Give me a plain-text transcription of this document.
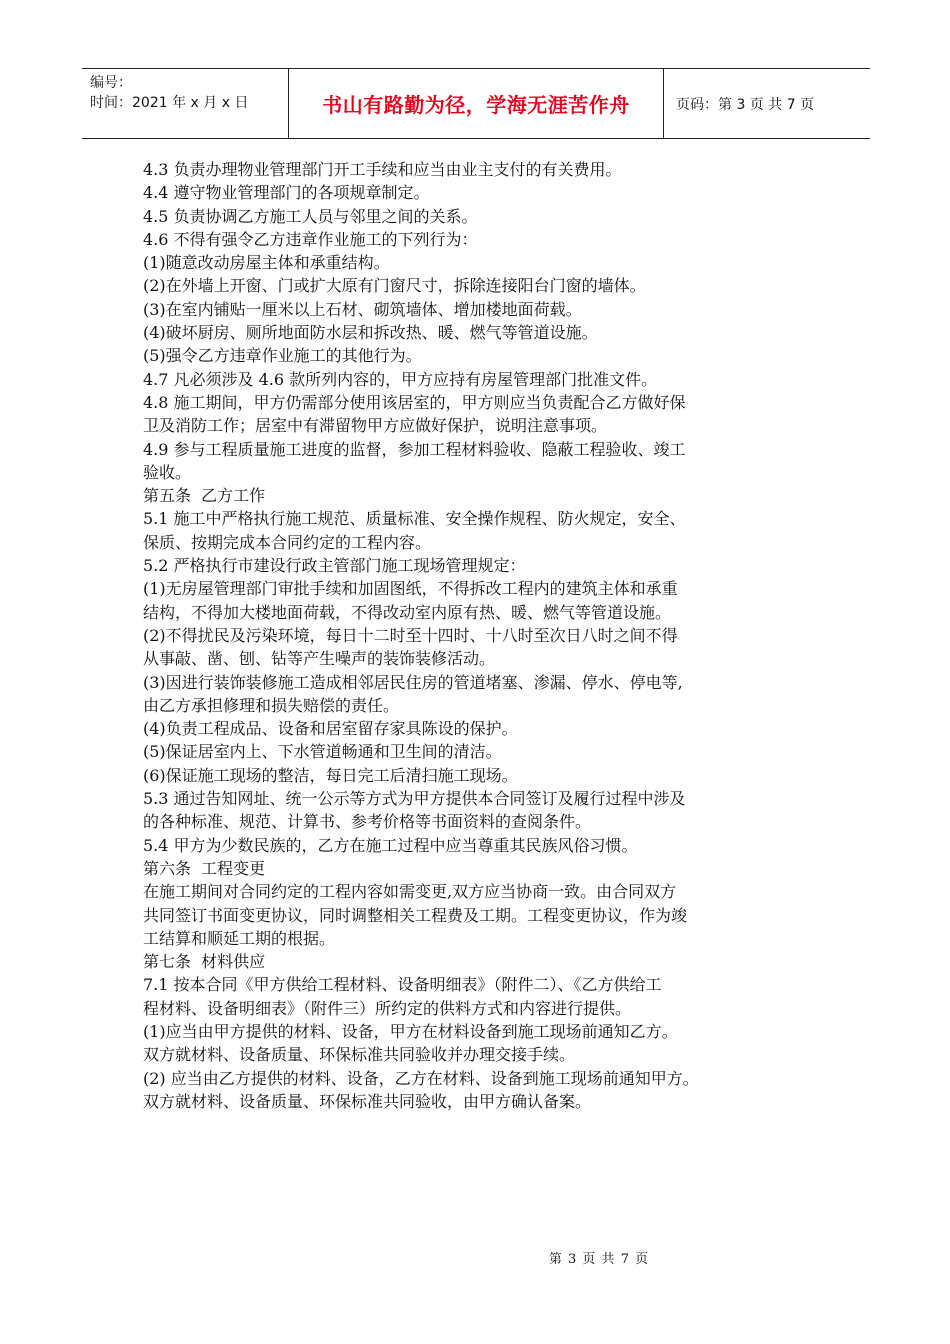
编号：
时间：2021 年 x 月 x 日	书山有路勤为径，学海无涯苦作舟	页码：第 3 页 共 7 页

4.3 负责办理物业管理部门开工手续和应当由业主支付的有关费用。

4.4 遵守物业管理部门的各项规章制定。

4.5 负责协调乙方施工人员与邻里之间的关系。

4.6 不得有强令乙方违章作业施工的下列行为：

(1)随意改动房屋主体和承重结构。

(2)在外墙上开窗、门或扩大原有门窗尺寸，拆除连接阳台门窗的墙体。

(3)在室内铺贴一厘米以上石材、砌筑墙体、增加楼地面荷载。

(4)破坏厨房、厕所地面防水层和拆改热、暖、燃气等管道设施。

(5)强令乙方违章作业施工的其他行为。

4.7 凡必须涉及 4.6 款所列内容的，甲方应持有房屋管理部门批准文件。

4.8 施工期间，甲方仍需部分使用该居室的，甲方则应当负责配合乙方做好保

卫及消防工作；居室中有滞留物甲方应做好保护，说明注意事项。

4.9 参与工程质量施工进度的监督，参加工程材料验收、隐蔽工程验收、竣工

验收。

第五条  乙方工作

5.1 施工中严格执行施工规范、质量标准、安全操作规程、防火规定，安全、

保质、按期完成本合同约定的工程内容。

5.2 严格执行市建设行政主管部门施工现场管理规定：

(1)无房屋管理部门审批手续和加固图纸，不得拆改工程内的建筑主体和承重

结构，不得加大楼地面荷载，不得改动室内原有热、暖、燃气等管道设施。

(2)不得扰民及污染环境，每日十二时至十四时、十八时至次日八时之间不得

从事敲、凿、刨、钻等产生噪声的装饰装修活动。

(3)因进行装饰装修施工造成相邻居民住房的管道堵塞、渗漏、停水、停电等,

由乙方承担修理和损失赔偿的责任。

(4)负责工程成品、设备和居室留存家具陈设的保护。

(5)保证居室内上、下水管道畅通和卫生间的清洁。

(6)保证施工现场的整洁，每日完工后清扫施工现场。

5.3 通过告知网址、统一公示等方式为甲方提供本合同签订及履行过程中涉及

的各种标准、规范、计算书、参考价格等书面资料的查阅条件。

5.4 甲方为少数民族的，乙方在施工过程中应当尊重其民族风俗习惯。

第六条  工程变更

在施工期间对合同约定的工程内容如需变更,双方应当协商一致。由合同双方

共同签订书面变更协议，同时调整相关工程费及工期。工程变更协议，作为竣

工结算和顺延工期的根据。

第七条  材料供应

7.1 按本合同《甲方供给工程材料、设备明细表》（附件二）、《乙方供给工

程材料、设备明细表》（附件三）所约定的供料方式和内容进行提供。

(1)应当由甲方提供的材料、设备，甲方在材料设备到施工现场前通知乙方。

双方就材料、设备质量、环保标准共同验收并办理交接手续。

(2) 应当由乙方提供的材料、设备，乙方在材料、设备到施工现场前通知甲方。

双方就材料、设备质量、环保标准共同验收，由甲方确认备案。

第 3 页 共 7 页
